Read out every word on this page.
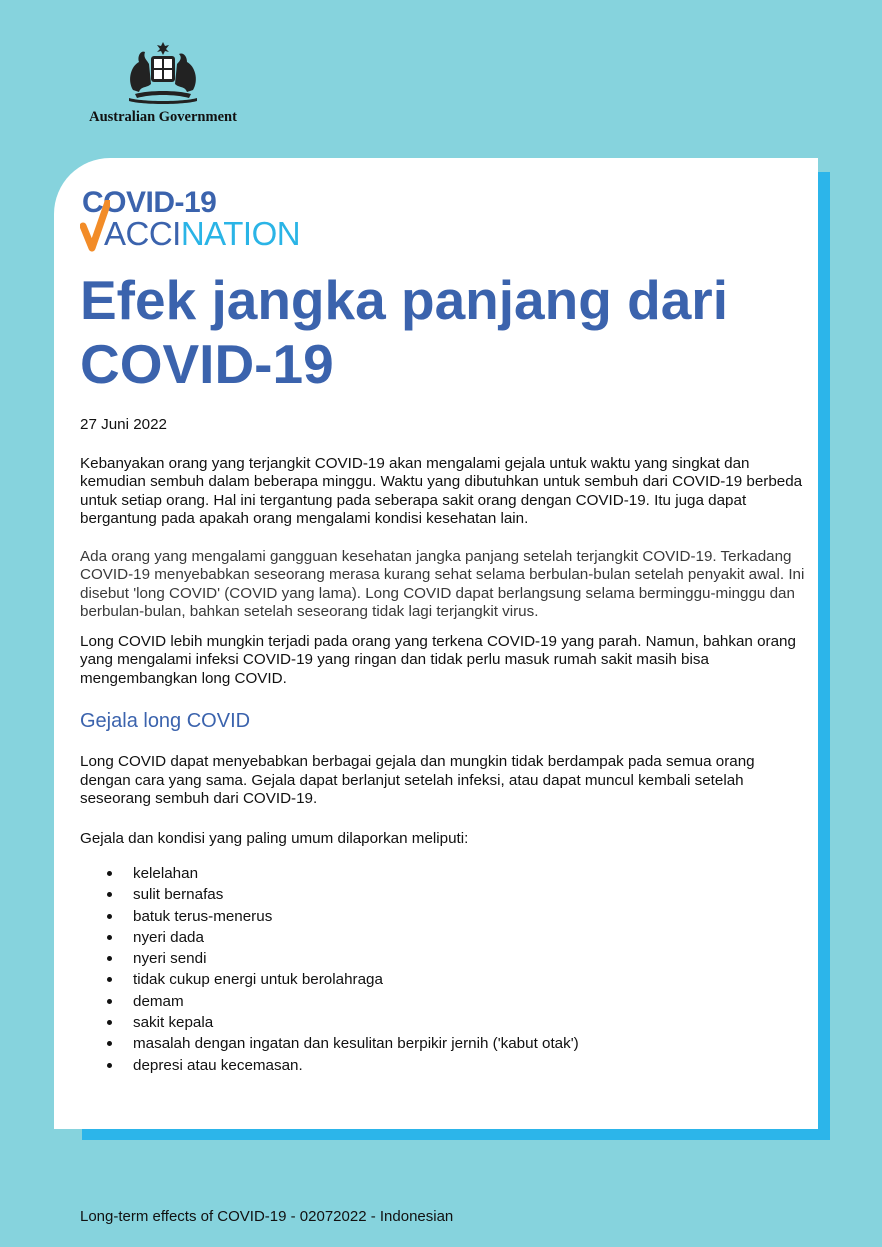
Australian Government
COVID-19
ACCINATION
Efek jangka panjang dari COVID-19

27 Juni 2022

Kebanyakan orang yang terjangkit COVID-19 akan mengalami gejala untuk waktu yang singkat dan kemudian sembuh dalam beberapa minggu. Waktu yang dibutuhkan untuk sembuh dari COVID-19 berbeda untuk setiap orang. Hal ini tergantung pada seberapa sakit orang dengan COVID-19. Itu juga dapat bergantung pada apakah orang mengalami kondisi kesehatan lain.

Ada orang yang mengalami gangguan kesehatan jangka panjang setelah terjangkit COVID-19. Terkadang COVID-19 menyebabkan seseorang merasa kurang sehat selama berbulan-bulan setelah penyakit awal. Ini disebut 'long COVID' (COVID yang lama). Long COVID dapat berlangsung selama berminggu-minggu dan berbulan-bulan, bahkan setelah seseorang tidak lagi terjangkit virus.

Long COVID lebih mungkin terjadi pada orang yang terkena COVID-19 yang parah. Namun, bahkan orang yang mengalami infeksi COVID-19 yang ringan dan tidak perlu masuk rumah sakit masih bisa mengembangkan long COVID.

Gejala long COVID

Long COVID dapat menyebabkan berbagai gejala dan mungkin tidak berdampak pada semua orang dengan cara yang sama. Gejala dapat berlanjut setelah infeksi, atau dapat muncul kembali setelah seseorang sembuh dari COVID-19.

Gejala dan kondisi yang paling umum dilaporkan meliputi:

kelelahan
sulit bernafas
batuk terus-menerus
nyeri dada
nyeri sendi
tidak cukup energi untuk berolahraga
demam
sakit kepala
masalah dengan ingatan dan kesulitan berpikir jernih ('kabut otak')
depresi atau kecemasan.
Long-term effects of COVID-19 - 02072022 - Indonesian
